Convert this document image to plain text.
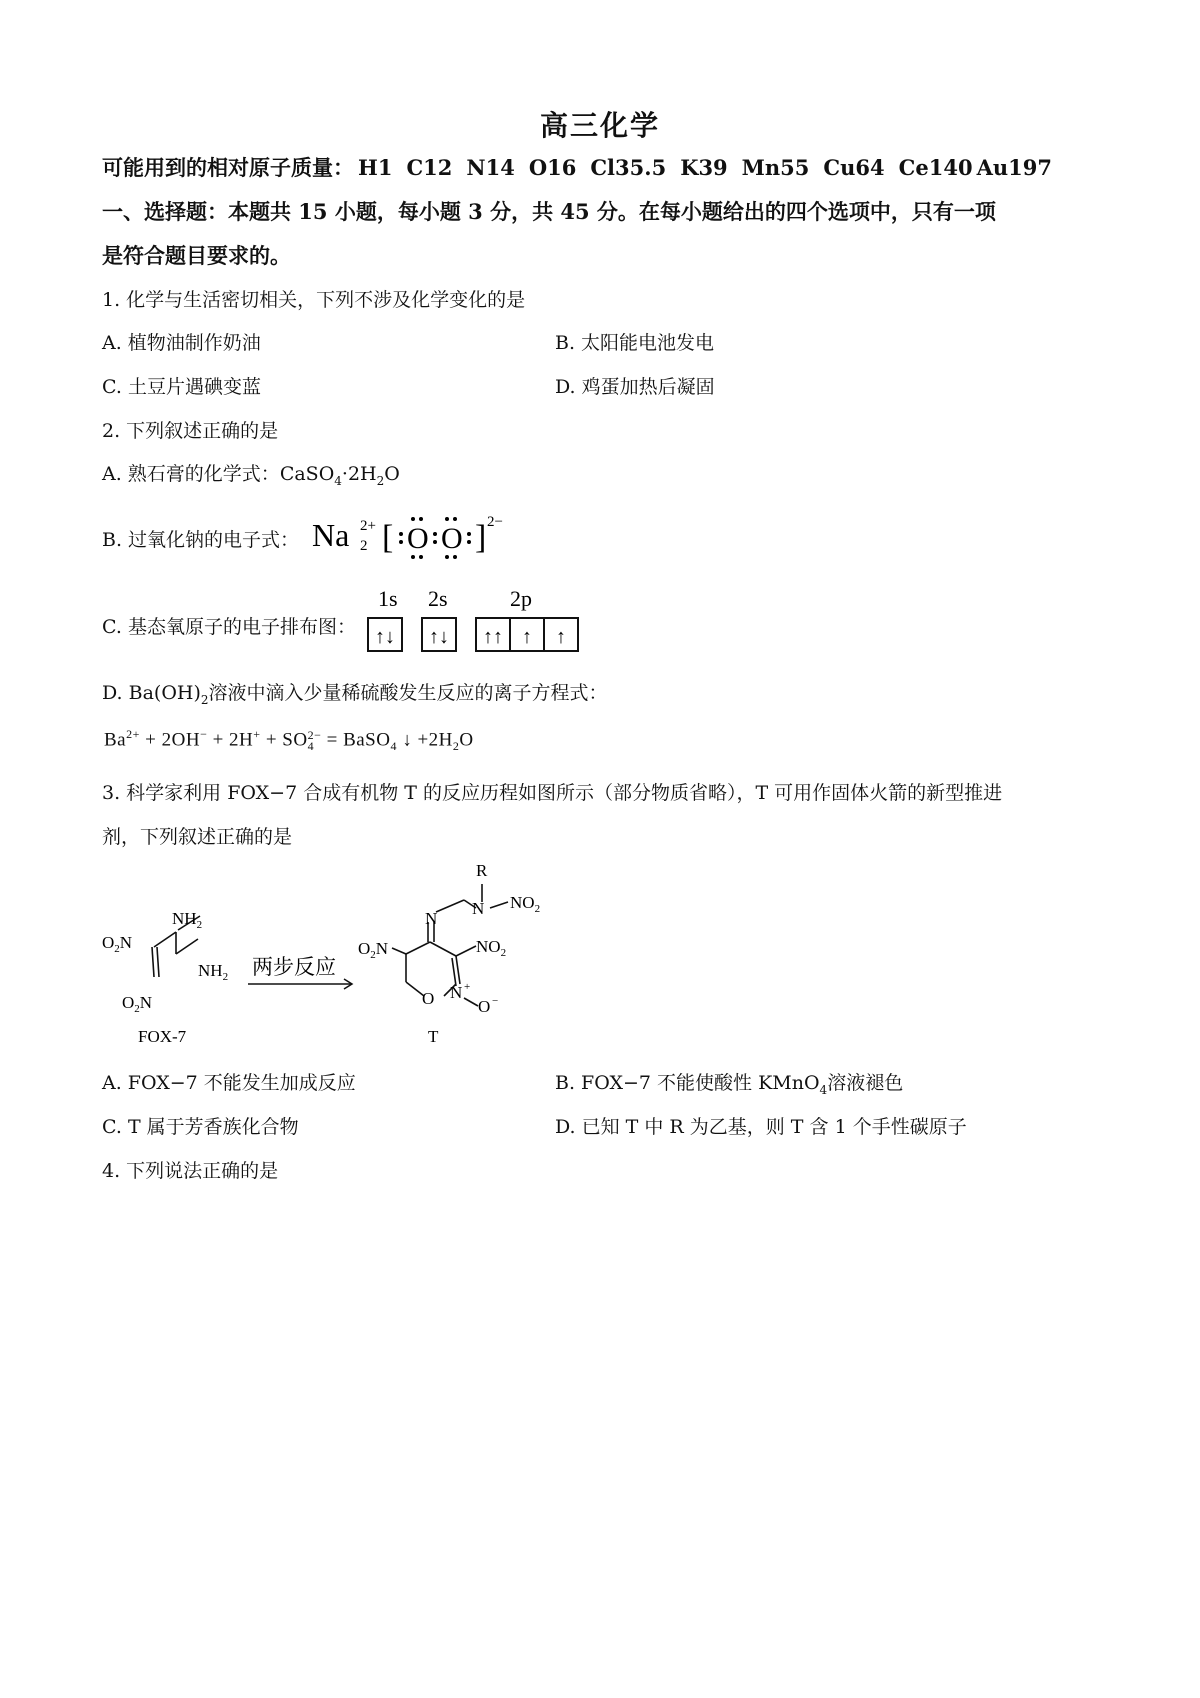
高三化学
可能用到的相对原子质量： H1 C12 N14 O16 Cl35.5 K39 Mn55 Cu64 Ce140 Au197
一、选择题：本题共 15 小题，每小题 3 分，共 45 分。在每小题给出的四个选项中，只有一项
是符合题目要求的。
1. 化学与生活密切相关，下列不涉及化学变化的是
A. 植物油制作奶油	B. 太阳能电池发电
C. 土豆片遇碘变蓝	D. 鸡蛋加热后凝固
2. 下列叙述正确的是
A. 熟石膏的化学式：$CaSO_4\cdot 2H_2O$
B. 过氧化钠的电子式： Na 2+
2 [ O O ] 2−
C. 基态氧原子的电子排布图：
1s 2s	2p
↑↓ ↑↓ ↑↑ ↑ ↑
D. $Ba(OH)_2$溶液中滴入少量稀硫酸发生反应的离子方程式：
$Ba^{2+} + 2OH^- + 2H^+$ + SO 2−
4 = BaSO$_4$ ↓ $+2H_2O$
3. 科学家利用 FOX−7 合成有机物 T 的反应历程如图所示（部分物质省略），T 可用作固体火箭的新型推进
剂，下列叙述正确的是
$NH_2$
$NH_2$
$O_2N$
$O_2N$
FOX-7
两步反应
R
N $NO_2$
N
$O_2N$	$NO_2$
N +
O	O −
T
A. FOX−7 不能发生加成反应	B. FOX−7 不能使酸性 KMnO$_4$溶液褪色
C. T 属于芳香族化合物	D. 已知 T 中 R 为乙基，则 T 含 1 个手性碳原子
4. 下列说法正确的是
